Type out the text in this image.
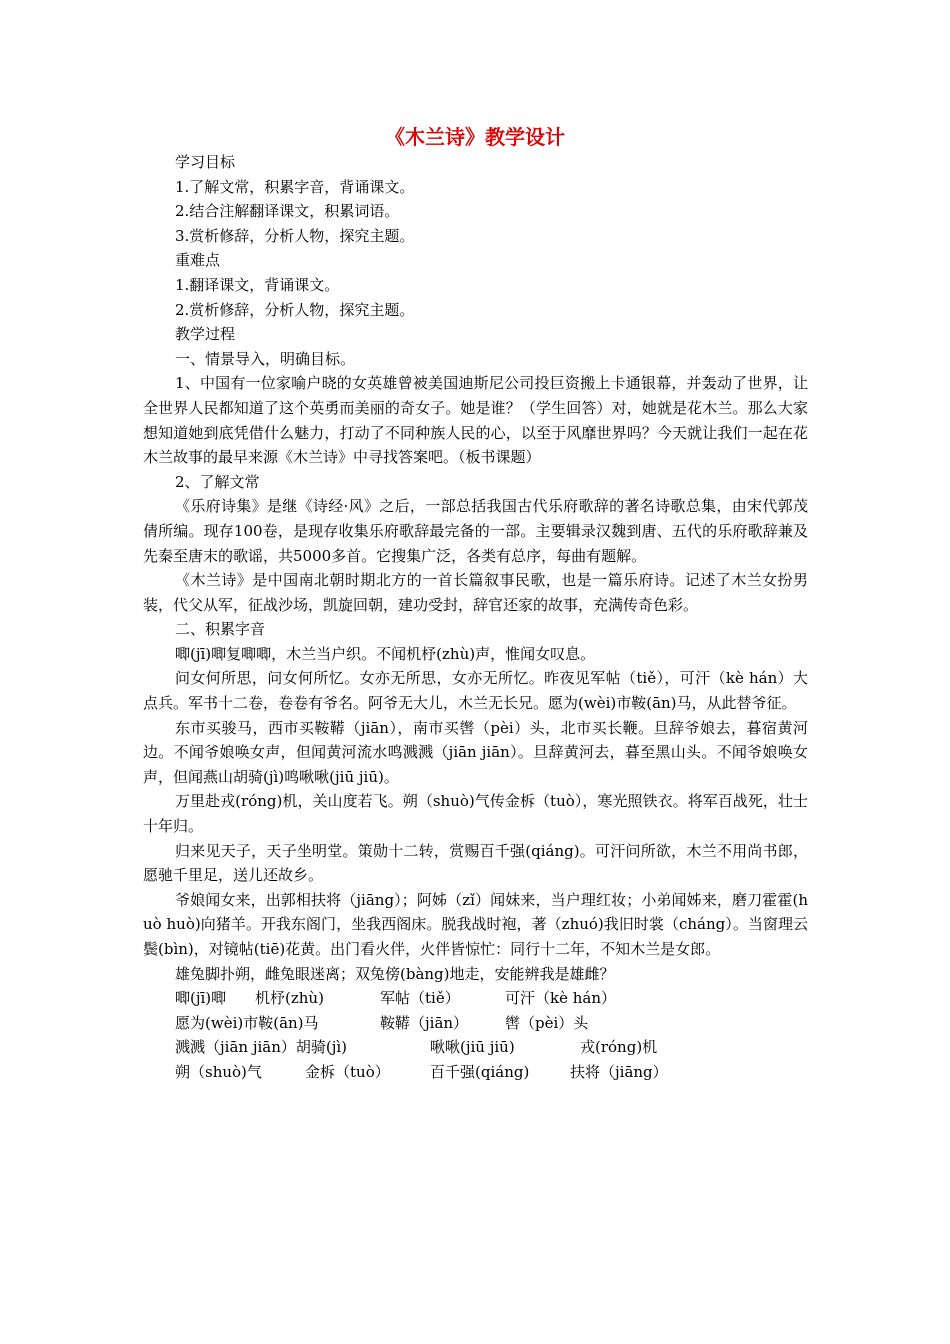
《木兰诗》教学设计

学习目标

1.了解文常，积累字音，背诵课文。

2.结合注解翻译课文，积累词语。

3.赏析修辞，分析人物，探究主题。

重难点

1.翻译课文，背诵课文。

2.赏析修辞，分析人物，探究主题。

教学过程

一、情景导入，明确目标。

1、中国有一位家喻户晓的女英雄曾被美国迪斯尼公司投巨资搬上卡通银幕，并轰动了世界，让全世界人民都知道了这个英勇而美丽的奇女子。她是谁？（学生回答）对，她就是花木兰。那么大家想知道她到底凭借什么魅力，打动了不同种族人民的心，以至于风靡世界吗？今天就让我们一起在花木兰故事的最早来源《木兰诗》中寻找答案吧。（板书课题）

2、了解文常

《乐府诗集》是继《诗经·风》之后，一部总括我国古代乐府歌辞的著名诗歌总集，由宋代郭茂倩所编。现存100卷，是现存收集乐府歌辞最完备的一部。主要辑录汉魏到唐、五代的乐府歌辞兼及先秦至唐末的歌谣，共5000多首。它搜集广泛，各类有总序，每曲有题解。

《木兰诗》是中国南北朝时期北方的一首长篇叙事民歌，也是一篇乐府诗。记述了木兰女扮男装，代父从军，征战沙场，凯旋回朝，建功受封，辞官还家的故事，充满传奇色彩。

二、积累字音

唧(jī)唧复唧唧，木兰当户织。不闻机杼(zhù)声，惟闻女叹息。

问女何所思，问女何所忆。女亦无所思，女亦无所忆。昨夜见军帖（tiě），可汗（kè hán）大点兵。军书十二卷，卷卷有爷名。阿爷无大儿，木兰无长兄。愿为(wèi)市鞍(ān)马，从此替爷征。

东市买骏马，西市买鞍鞯（jiān），南市买辔（pèi）头，北市买长鞭。旦辞爷娘去，暮宿黄河边。不闻爷娘唤女声，但闻黄河流水鸣溅溅（jiān jiān）。旦辞黄河去，暮至黑山头。不闻爷娘唤女声，但闻燕山胡骑(jì)鸣啾啾(jiū jiū)。

万里赴戎(róng)机，关山度若飞。朔（shuò)气传金柝（tuò），寒光照铁衣。将军百战死，壮士十年归。

归来见天子，天子坐明堂。策勋十二转，赏赐百千强(qiáng)。可汗问所欲，木兰不用尚书郎，愿驰千里足，送儿还故乡。

爷娘闻女来，出郭相扶将（jiāng）；阿姊（zǐ）闻妹来，当户理红妆；小弟闻姊来，磨刀霍霍(huò huò)向猪羊。开我东阁门，坐我西阁床。脱我战时袍，著（zhuó)我旧时裳（cháng）。当窗理云鬓(bìn)，对镜帖(tiē)花黄。出门看火伴，火伴皆惊忙：同行十二年，不知木兰是女郎。

雄兔脚扑朔，雌兔眼迷离；双兔傍(bàng)地走，安能辨我是雄雌？

唧(jī)唧	机杼(zhù)	军帖（tiě）	可汗（kè hán）
愿为(wèi)市鞍(ān)马	鞍鞯（jiān）	辔（pèi）头
溅溅（jiān jiān）胡骑(jì)	啾啾(jiū jiū)	戎(róng)机
朔（shuò)气	金柝（tuò）	百千强(qiáng)	扶将（jiāng）
